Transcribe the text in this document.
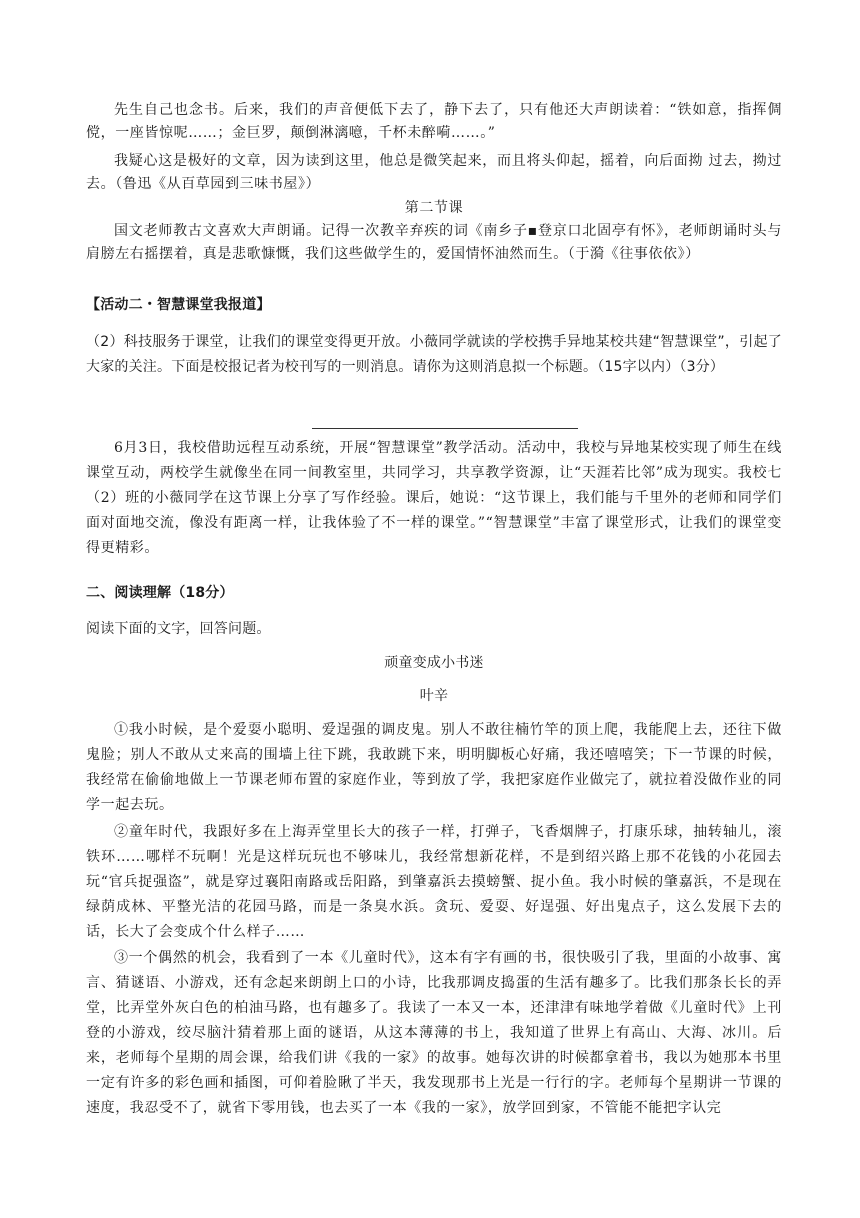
先生自己也念书。后来，我们的声音便低下去了，静下去了，只有他还大声朗读着：“铁如意，指挥倜傥，一座皆惊呢……；金巨罗，颠倒淋漓噫，千杯未醉嗬……。”

我疑心这是极好的文章，因为读到这里，他总是微笑起来，而且将头仰起，摇着，向后面拗 过去，拗过去。（鲁迅《从百草园到三味书屋》）

第二节课

国文老师教古文喜欢大声朗诵。记得一次教辛弃疾的词《南乡子▪登京口北固亭有怀》，老师朗诵时头与肩膀左右摇摆着，真是悲歌慷慨，我们这些做学生的，爱国情怀油然而生。（于漪《往事依依》）

【活动二・智慧课堂我报道】

（2）科技服务于课堂，让我们的课堂变得更开放。小薇同学就读的学校携手异地某校共建“智慧课堂”，引起了大家的关注。下面是校报记者为校刊写的一则消息。请你为这则消息拟一个标题。（15字以内）（3分）

6月3日，我校借助远程互动系统，开展“智慧课堂”教学活动。活动中，我校与异地某校实现了师生在线课堂互动，两校学生就像坐在同一间教室里，共同学习，共享教学资源，让“天涯若比邻”成为现实。我校七（2）班的小薇同学在这节课上分享了写作经验。课后，她说：“这节课上，我们能与千里外的老师和同学们面对面地交流，像没有距离一样，让我体验了不一样的课堂。”“智慧课堂”丰富了课堂形式，让我们的课堂变得更精彩。

二、阅读理解（18分）

阅读下面的文字，回答问题。

顽童变成小书迷

叶辛

①我小时候，是个爱耍小聪明、爱逞强的调皮鬼。别人不敢往楠竹竿的顶上爬，我能爬上去，还往下做鬼脸；别人不敢从丈来高的围墙上往下跳，我敢跳下来，明明脚板心好痛，我还嘻嘻笑；下一节课的时候，我经常在偷偷地做上一节课老师布置的家庭作业，等到放了学，我把家庭作业做完了，就拉着没做作业的同学一起去玩。

②童年时代，我跟好多在上海弄堂里长大的孩子一样，打弹子，飞香烟牌子，打康乐球，抽转轴儿，滚铁环……哪样不玩啊！光是这样玩玩也不够味儿，我经常想新花样，不是到绍兴路上那不花钱的小花园去玩“官兵捉强盗”，就是穿过襄阳南路或岳阳路，到肇嘉浜去摸螃蟹、捉小鱼。我小时候的肇嘉浜，不是现在绿荫成林、平整光洁的花园马路，而是一条臭水浜。贪玩、爱耍、好逞强、好出鬼点子，这么发展下去的话，长大了会变成个什么样子……

③一个偶然的机会，我看到了一本《儿童时代》，这本有字有画的书，很快吸引了我，里面的小故事、寓言、猜谜语、小游戏，还有念起来朗朗上口的小诗，比我那调皮捣蛋的生活有趣多了。比我们那条长长的弄堂，比弄堂外灰白色的柏油马路，也有趣多了。我读了一本又一本，还津津有味地学着做《儿童时代》上刊登的小游戏，绞尽脑汁猜着那上面的谜语，从这本薄薄的书上，我知道了世界上有高山、大海、冰川。后来，老师每个星期的周会课，给我们讲《我的一家》的故事。她每次讲的时候都拿着书，我以为她那本书里一定有许多的彩色画和插图，可仰着脸瞅了半天，我发现那书上光是一行行的字。老师每个星期讲一节课的速度，我忍受不了，就省下零用钱，也去买了一本《我的一家》，放学回到家，不管能不能把字认完
